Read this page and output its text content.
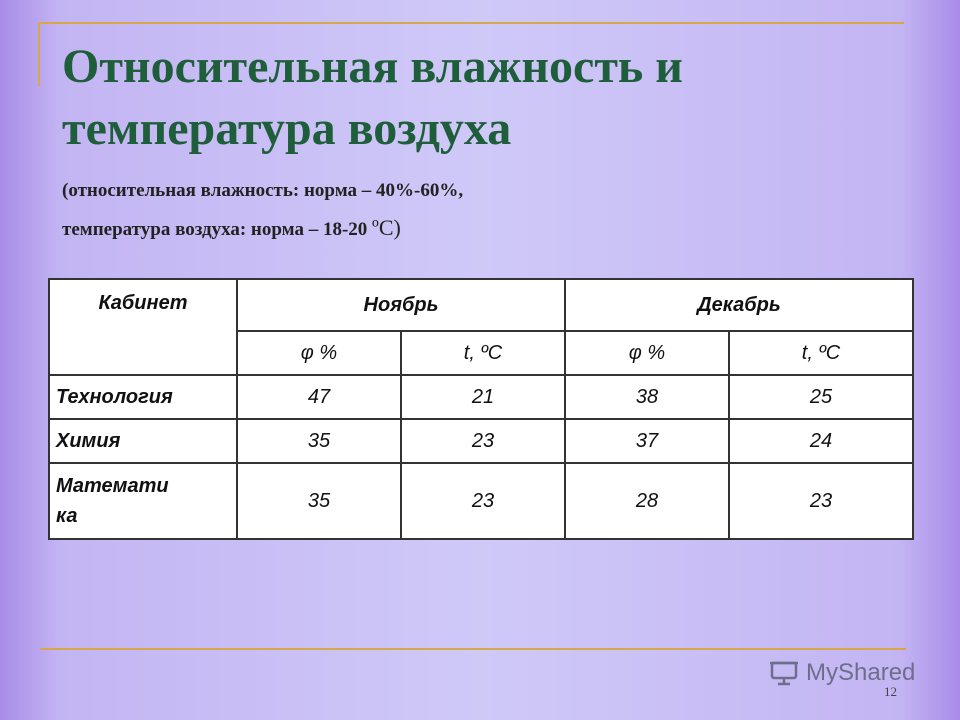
Относительная влажность и
температура воздуха
(относительная влажность: норма – 40%-60%,
температура воздуха: норма – 18-20 ºC)
Кабинет	Ноябрь		Декабрь	
	φ %	t, ºC	φ %	t, ºC
Технология	47	21	38	25
Химия	35	23	37	24
Математи
ка	35	23	28	23
MyShared
12
